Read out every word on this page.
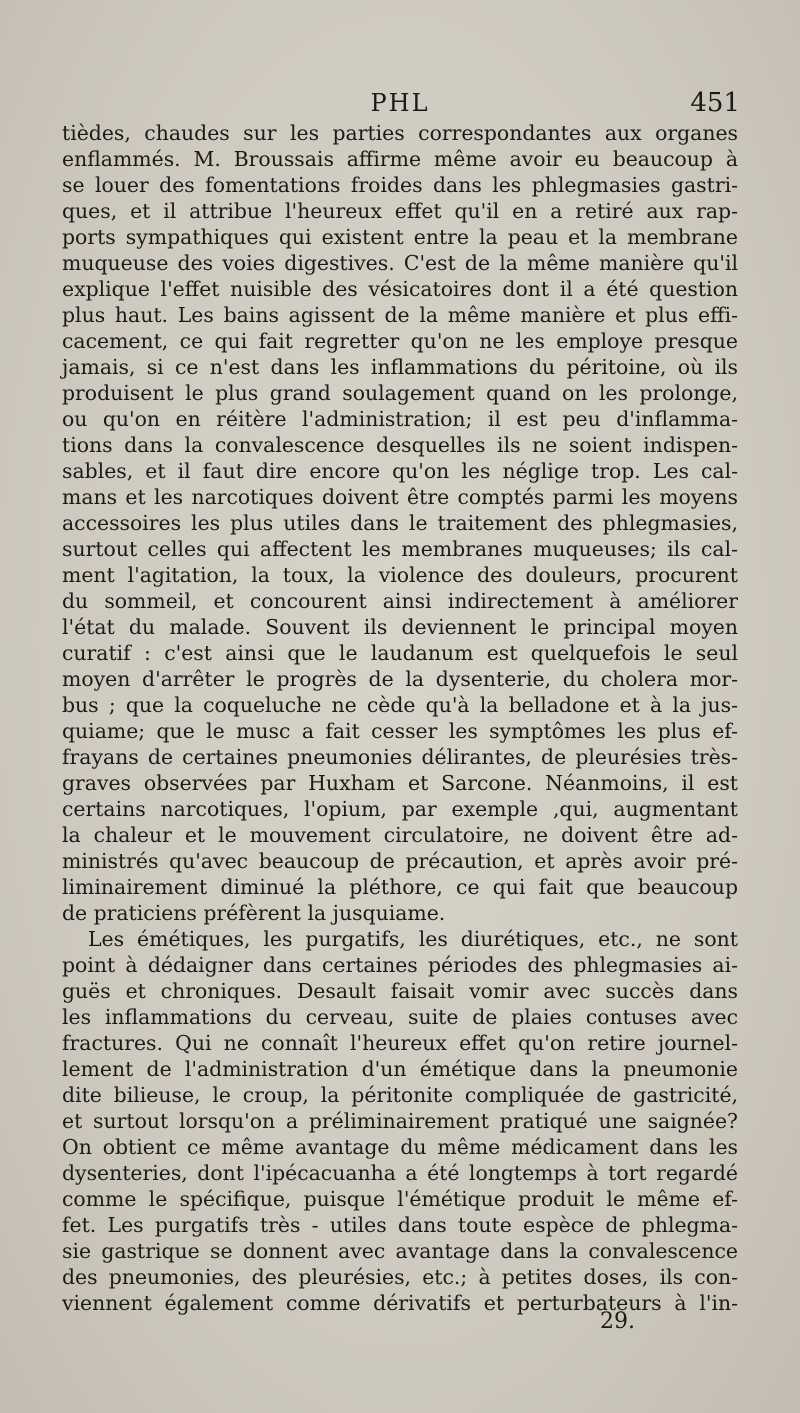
PHL	451

tièdes, chaudes sur les parties correspondantes aux organes
enflammés. M. Broussais affirme même avoir eu beaucoup à
se louer des fomentations froides dans les phlegmasies gastri-
ques, et il attribue l'heureux effet qu'il en a retiré aux rap-
ports sympathiques qui existent entre la peau et la membrane
muqueuse des voies digestives. C'est de la même manière qu'il
explique l'effet nuisible des vésicatoires dont il a été question
plus haut. Les bains agissent de la même manière et plus effi-
cacement, ce qui fait regretter qu'on ne les employe presque
jamais, si ce n'est dans les inflammations du péritoine, où ils
produisent le plus grand soulagement quand on les prolonge,
ou qu'on en réitère l'administration; il est peu d'inflamma-
tions dans la convalescence desquelles ils ne soient indispen-
sables, et il faut dire encore qu'on les néglige trop. Les cal-
mans et les narcotiques doivent être comptés parmi les moyens
accessoires les plus utiles dans le traitement des phlegmasies,
surtout celles qui affectent les membranes muqueuses; ils cal-
ment l'agitation, la toux, la violence des douleurs, procurent
du sommeil, et concourent ainsi indirectement à améliorer
l'état du malade. Souvent ils deviennent le principal moyen
curatif : c'est ainsi que le laudanum est quelquefois le seul
moyen d'arrêter le progrès de la dysenterie, du cholera mor-
bus ; que la coqueluche ne cède qu'à la belladone et à la jus-
quiame; que le musc a fait cesser les symptômes les plus ef-
frayans de certaines pneumonies délirantes, de pleurésies très-
graves observées par Huxham et Sarcone. Néanmoins, il est
certains narcotiques, l'opium, par exemple ,qui, augmentant
la chaleur et le mouvement circulatoire, ne doivent être ad-
ministrés qu'avec beaucoup de précaution, et après avoir pré-
liminairement diminué la pléthore, ce qui fait que beaucoup
de praticiens préfèrent la jusquiame.

Les émétiques, les purgatifs, les diurétiques, etc., ne sont
point à dédaigner dans certaines périodes des phlegmasies ai-
guës et chroniques. Desault faisait vomir avec succès dans
les inflammations du cerveau, suite de plaies contuses avec
fractures. Qui ne connaît l'heureux effet qu'on retire journel-
lement de l'administration d'un émétique dans la pneumonie
dite bilieuse, le croup, la péritonite compliquée de gastricité,
et surtout lorsqu'on a préliminairement pratiqué une saignée?
On obtient ce même avantage du même médicament dans les
dysenteries, dont l'ipécacuanha a été longtemps à tort regardé
comme le spécifique, puisque l'émétique produit le même ef-
fet. Les purgatifs très - utiles dans toute espèce de phlegma-
sie gastrique se donnent avec avantage dans la convalescence
des pneumonies, des pleurésies, etc.; à petites doses, ils con-
viennent également comme dérivatifs et perturbateurs à l'in-

29.
